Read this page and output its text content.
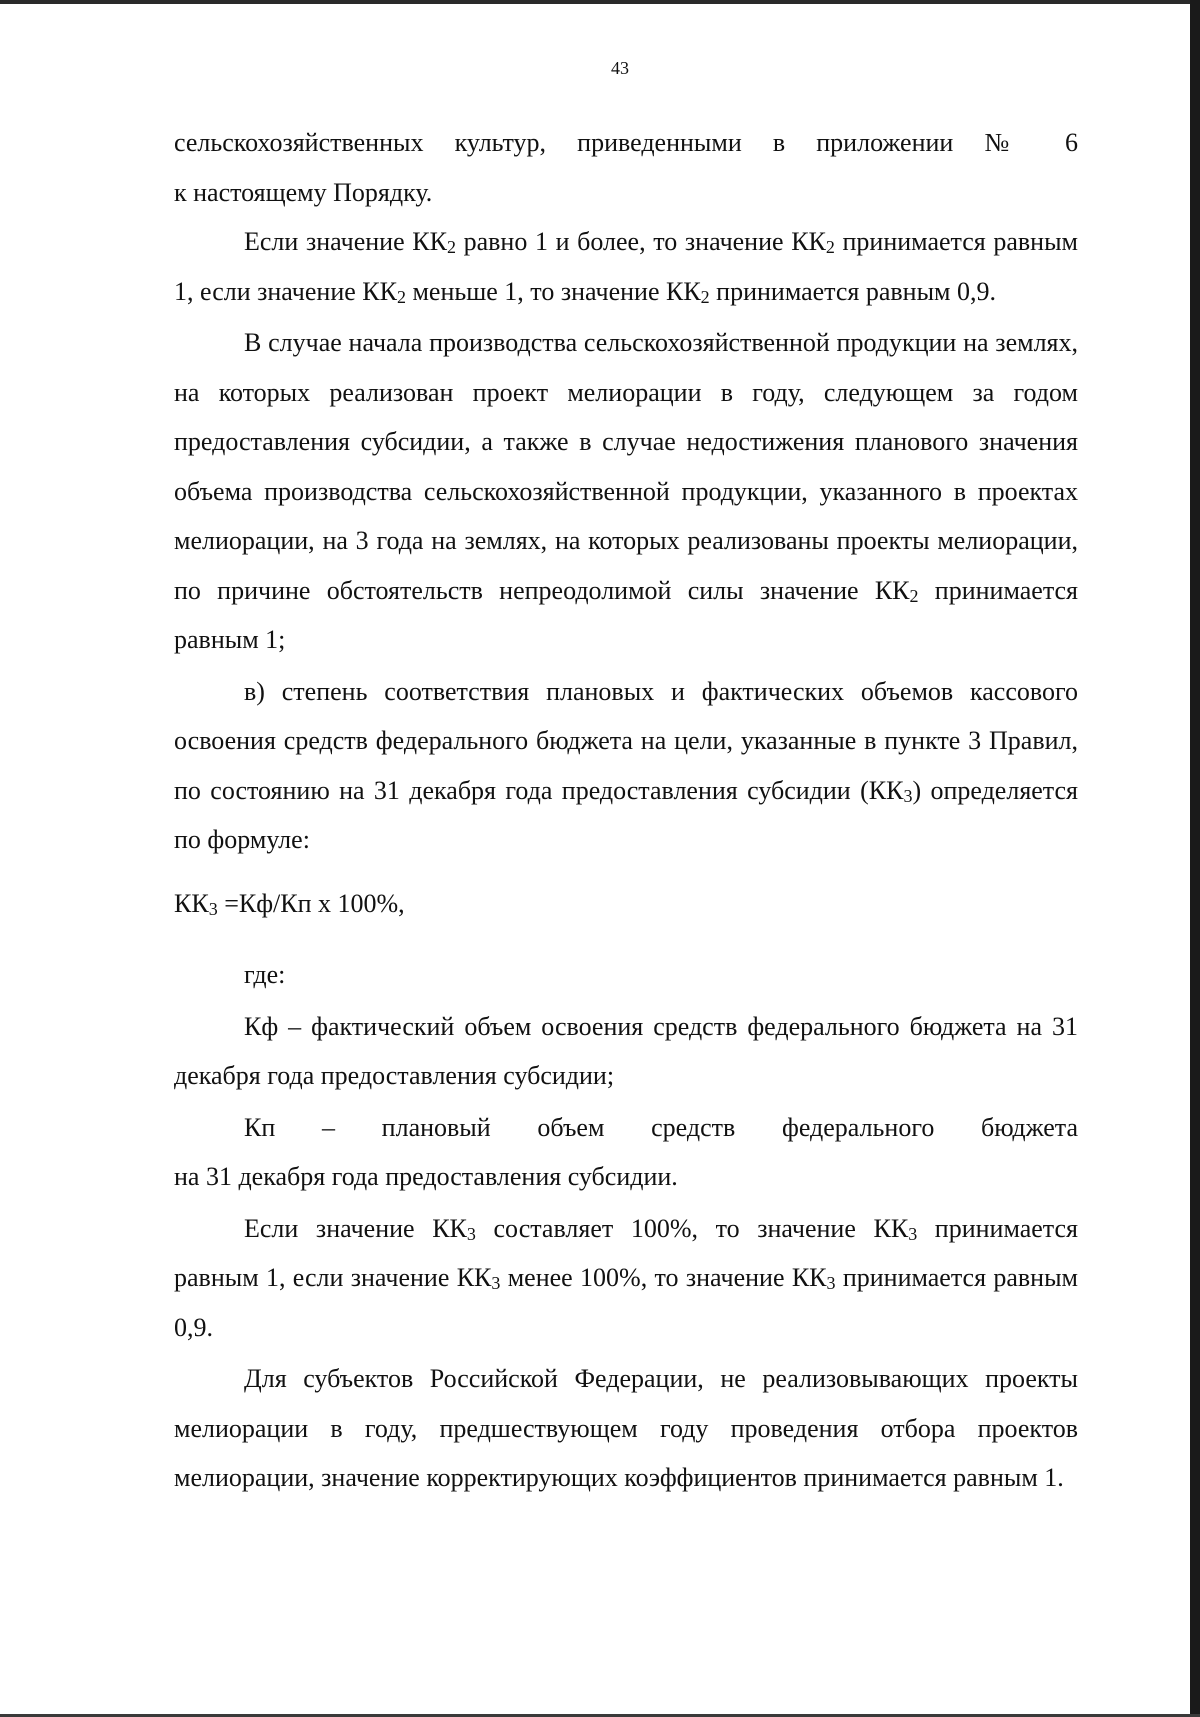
43

сельскохозяйственных культур, приведенными в приложении № 6

к настоящему Порядку.

Если значение $КК_2$ равно 1 и более, то значение $КК_2$ принимается равным 1, если значение $КК_2$ меньше 1, то значение $КК_2$ принимается равным 0,9.

В случае начала производства сельскохозяйственной продукции на землях, на которых реализован проект мелиорации в году, следующем за годом предоставления субсидии, а также в случае недостижения планового значения объема производства сельскохозяйственной продукции, указанного в проектах мелиорации, на 3 года на землях, на которых реализованы проекты мелиорации, по причине обстоятельств непреодолимой силы значение $КК_2$ принимается равным 1;

в) степень соответствия плановых и фактических объемов кассового освоения средств федерального бюджета на цели, указанные в пункте 3 Правил, по состоянию на 31 декабря года предоставления субсидии $(КК_3)$ определяется по формуле:

$КК_3 =Кф/Кп$ х 100%,

где:

Кф – фактический объем освоения средств федерального бюджета на 31 декабря года предоставления субсидии;

Кп – плановый объем средств федерального бюджета

на 31 декабря года предоставления субсидии.

Если значение $КК_3$ составляет 100%, то значение $КК_3$ принимается равным 1, если значение $КК_3$ менее 100%, то значение $КК_3$ принимается равным 0,9.

Для субъектов Российской Федерации, не реализовывающих проекты мелиорации в году, предшествующем году проведения отбора проектов мелиорации, значение корректирующих коэффициентов принимается равным 1.
